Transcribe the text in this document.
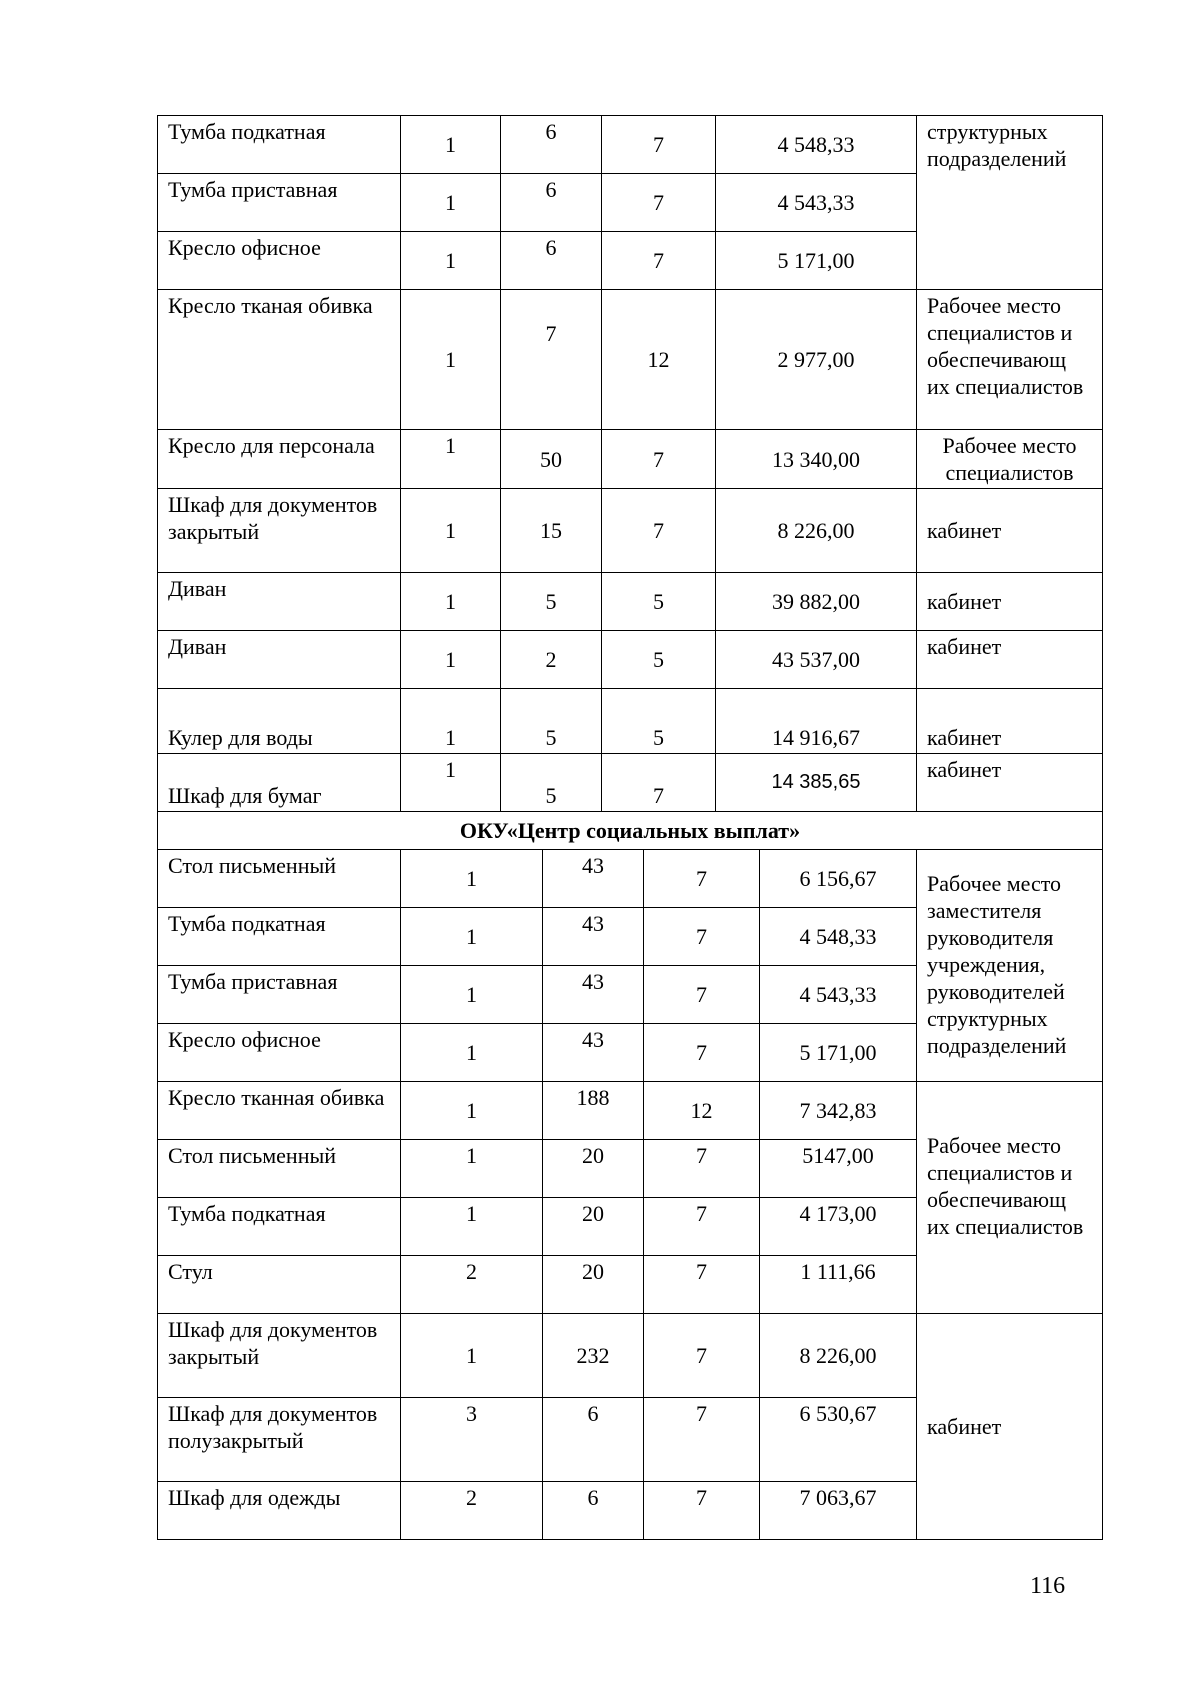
Тумба подкатная	1	6		7		4 548,33		структурных подразделений
Тумба приставная	1	6		7		4 543,33		
Кресло офисное	1	6		7		5 171,00		
Кресло тканая обивка	1	7		12		2 977,00		Рабочее место специалистов и обеспечивающ их специалистов
Кресло для персонала	1	50		7		13 340,00		Рабочее место специалистов
Шкаф для документов закрытый	1	15		7		8 226,00		кабинет
Диван	1	5		5		39 882,00		кабинет
Диван	1	2		5		43 537,00		кабинет
Кулер для воды	1	5		5		14 916,67		кабинет
Шкаф для бумаг	1	5		7		14 385,65		кабинет
ОКУ«Центр социальных выплат»								
Стол письменный	1		43		7		6 156,67	Рабочее место заместителя руководителя учреждения, руководителей структурных подразделений
Тумба подкатная	1		43		7		4 548,33	
Тумба приставная	1		43		7		4 543,33	
Кресло офисное	1		43		7		5 171,00	
Кресло тканная обивка	1		188		12		7 342,83	Рабочее место специалистов и обеспечивающ их специалистов
Стол письменный	1		20		7		5147,00	
Тумба подкатная	1		20		7		4 173,00	
Стул	2		20		7		1 111,66	
Шкаф для документов закрытый	1		232		7		8 226,00	кабинет
Шкаф для документов полузакрытый	3		6		7		6 530,67	
Шкаф для одежды	2		6		7		7 063,67	
116
